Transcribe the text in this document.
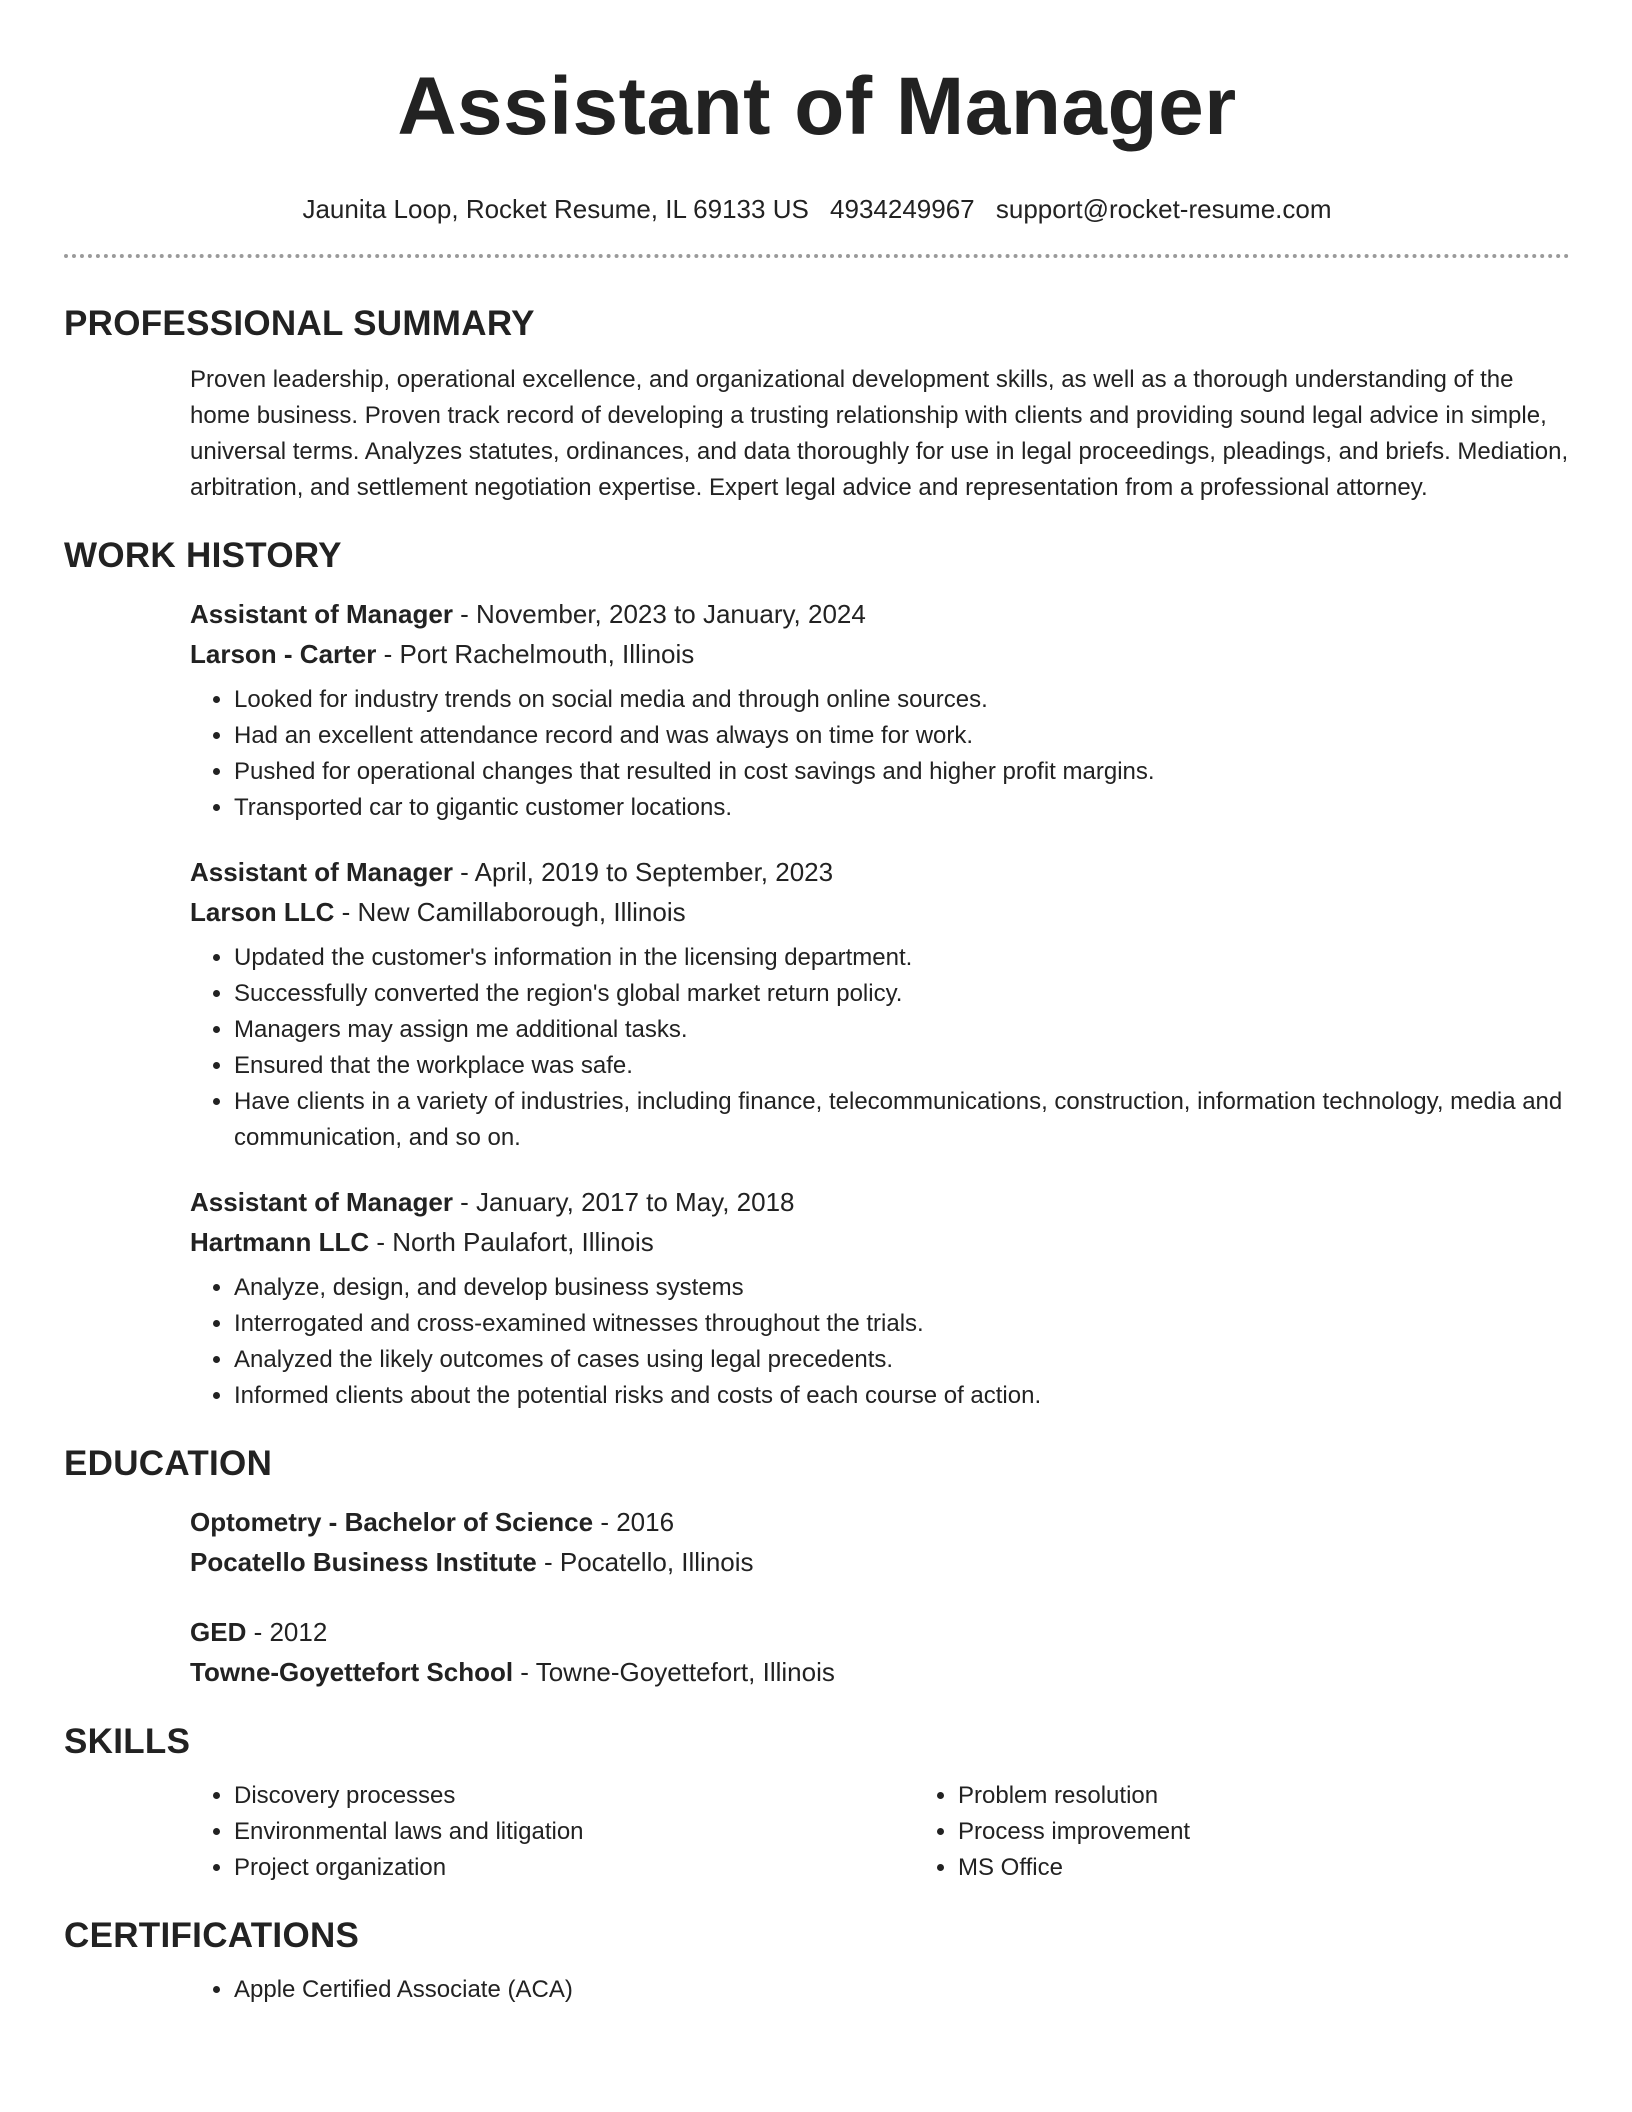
Assistant of Manager
Jaunita Loop, Rocket Resume, IL 69133 US 4934249967 support@rocket-resume.com
PROFESSIONAL SUMMARY

Proven leadership, operational excellence, and organizational development skills, as well as a thorough understanding of the home business. Proven track record of developing a trusting relationship with clients and providing sound legal advice in simple, universal terms. Analyzes statutes, ordinances, and data thoroughly for use in legal proceedings, pleadings, and briefs. Mediation, arbitration, and settlement negotiation expertise. Expert legal advice and representation from a professional attorney.

WORK HISTORY

Assistant of Manager - November, 2023 to January, 2024

Larson - Carter - Port Rachelmouth, Illinois

• Looked for industry trends on social media and through online sources.
• Had an excellent attendance record and was always on time for work.
• Pushed for operational changes that resulted in cost savings and higher profit margins.
• Transported car to gigantic customer locations.

Assistant of Manager - April, 2019 to September, 2023

Larson LLC - New Camillaborough, Illinois

• Updated the customer's information in the licensing department.
• Successfully converted the region's global market return policy.
• Managers may assign me additional tasks.
• Ensured that the workplace was safe.
• Have clients in a variety of industries, including finance, telecommunications, construction, information technology, media and communication, and so on.

Assistant of Manager - January, 2017 to May, 2018

Hartmann LLC - North Paulafort, Illinois

• Analyze, design, and develop business systems
• Interrogated and cross-examined witnesses throughout the trials.
• Analyzed the likely outcomes of cases using legal precedents.
• Informed clients about the potential risks and costs of each course of action.
EDUCATION

Optometry - Bachelor of Science - 2016

Pocatello Business Institute - Pocatello, Illinois

GED - 2012

Towne-Goyettefort School - Towne-Goyettefort, Illinois

SKILLS
• Discovery processes
• Environmental laws and litigation
• Project organization
• Problem resolution
• Process improvement
• MS Office
CERTIFICATIONS
• Apple Certified Associate (ACA)
